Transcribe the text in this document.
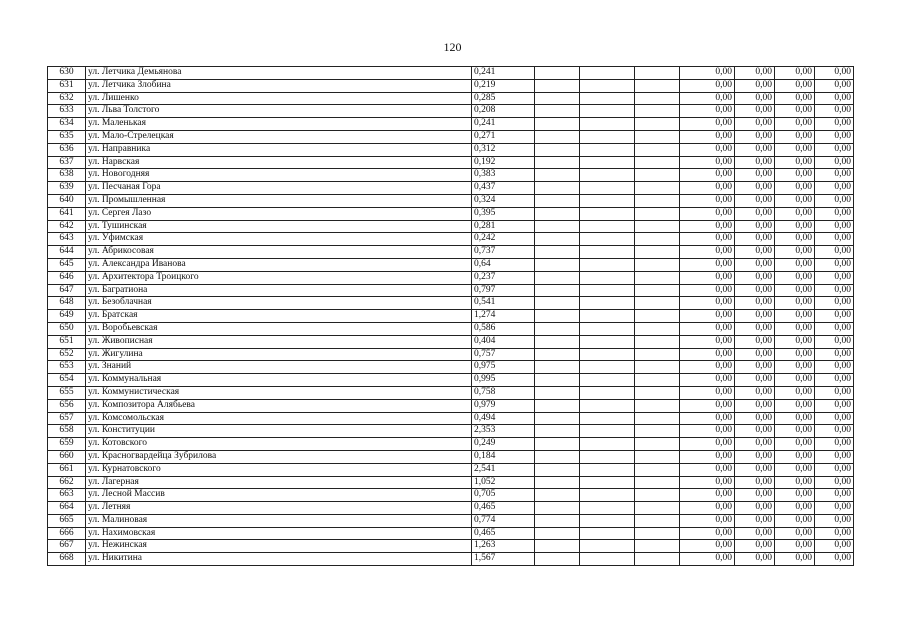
120
630	ул. Летчика Демьянова	0,241				0,00	0,00	0,00	0,00
631	ул. Летчика Злобина	0,219				0,00	0,00	0,00	0,00
632	ул. Лишенко	0,285				0,00	0,00	0,00	0,00
633	ул. Льва Толстого	0,208				0,00	0,00	0,00	0,00
634	ул. Маленькая	0,241				0,00	0,00	0,00	0,00
635	ул. Мало-Стрелецкая	0,271				0,00	0,00	0,00	0,00
636	ул. Направника	0,312				0,00	0,00	0,00	0,00
637	ул. Нарвская	0,192				0,00	0,00	0,00	0,00
638	ул. Новогодняя	0,383				0,00	0,00	0,00	0,00
639	ул. Песчаная Гора	0,437				0,00	0,00	0,00	0,00
640	ул. Промышленная	0,324				0,00	0,00	0,00	0,00
641	ул. Сергея Лазо	0,395				0,00	0,00	0,00	0,00
642	ул. Тушинская	0,281				0,00	0,00	0,00	0,00
643	ул. Уфимская	0,242				0,00	0,00	0,00	0,00
644	ул. Абрикосовая	0,737				0,00	0,00	0,00	0,00
645	ул. Александра Иванова	0,64				0,00	0,00	0,00	0,00
646	ул. Архитектора Троицкого	0,237				0,00	0,00	0,00	0,00
647	ул. Багратиона	0,797				0,00	0,00	0,00	0,00
648	ул. Безоблачная	0,541				0,00	0,00	0,00	0,00
649	ул. Братская	1,274				0,00	0,00	0,00	0,00
650	ул. Воробьевская	0,586				0,00	0,00	0,00	0,00
651	ул. Живописная	0,404				0,00	0,00	0,00	0,00
652	ул. Жигулина	0,757				0,00	0,00	0,00	0,00
653	ул. Знаний	0,975				0,00	0,00	0,00	0,00
654	ул. Коммунальная	0,995				0,00	0,00	0,00	0,00
655	ул. Коммунистическая	0,758				0,00	0,00	0,00	0,00
656	ул. Композитора Алябьева	0,979				0,00	0,00	0,00	0,00
657	ул. Комсомольская	0,494				0,00	0,00	0,00	0,00
658	ул. Конституции	2,353				0,00	0,00	0,00	0,00
659	ул. Котовского	0,249				0,00	0,00	0,00	0,00
660	ул. Красногвардейца Зубрилова	0,184				0,00	0,00	0,00	0,00
661	ул. Курнатовского	2,541				0,00	0,00	0,00	0,00
662	ул. Лагерная	1,052				0,00	0,00	0,00	0,00
663	ул. Лесной Массив	0,705				0,00	0,00	0,00	0,00
664	ул. Летняя	0,465				0,00	0,00	0,00	0,00
665	ул. Малиновая	0,774				0,00	0,00	0,00	0,00
666	ул. Нахимовская	0,465				0,00	0,00	0,00	0,00
667	ул. Нежинская	1,263				0,00	0,00	0,00	0,00
668	ул. Никитина	1,567				0,00	0,00	0,00	0,00
